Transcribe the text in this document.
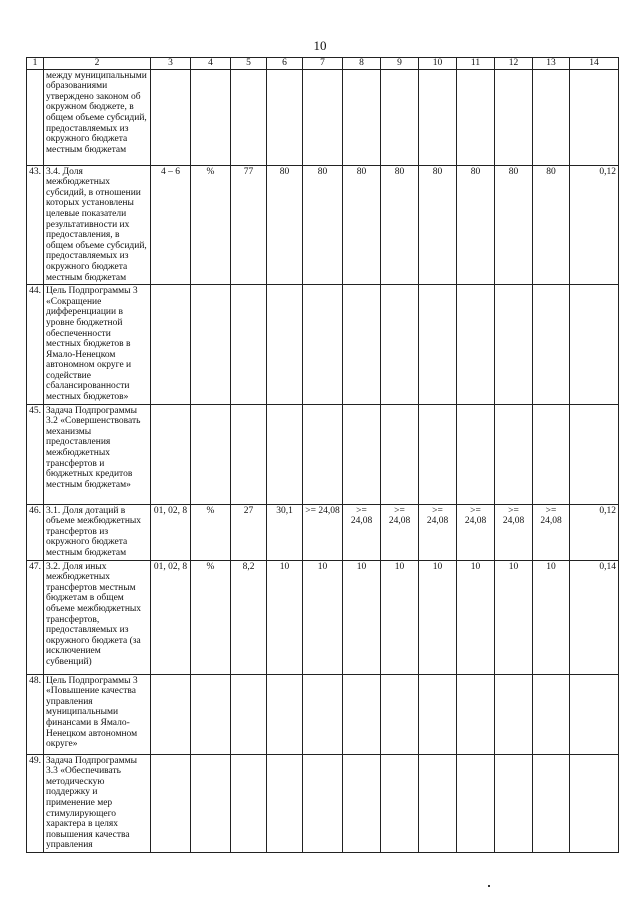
10
1	2	3	4	5	6	7	8	9	10	11	12	13	14
	между муниципальными образованиями утверждено законом об окружном бюджете, в общем объеме субсидий, предоставляемых из окружного бюджета местным бюджетам												
43.	3.4. Доля межбюджетных субсидий, в отношении которых установлены целевые показатели результативности их предоставления, в общем объеме субсидий, предоставляемых из окружного бюджета местным бюджетам	4 – 6	%	77	80	80	80	80	80	80	80	80	0,12
44.	Цель Подпрограммы 3 «Сокращение дифференциации в уровне бюджетной обеспеченности местных бюджетов в Ямало-Ненецком автономном округе и содействие сбалансированности местных бюджетов»												
45.	Задача Подпрограммы 3.2 «Совершенствовать механизмы предоставления межбюджетных трансфертов и бюджетных кредитов местным бюджетам»												
46.	3.1. Доля дотаций в объеме межбюджетных трансфертов из окружного бюджета местным бюджетам	01, 02, 8	%	27	30,1	>= 24,08	>= 24,08	>= 24,08	>= 24,08	>= 24,08	>= 24,08	>= 24,08	0,12
47.	3.2. Доля иных межбюджетных трансфертов местным бюджетам в общем объеме межбюджетных трансфертов, предоставляемых из окружного бюджета (за исключением субвенций)	01, 02, 8	%	8,2	10	10	10	10	10	10	10	10	0,14
48.	Цель Подпрограммы 3 «Повышение качества управления муниципальными финансами в Ямало-Ненецком автономном округе»												
49.	Задача Подпрограммы 3.3 «Обеспечивать методическую поддержку и применение мер стимулирующего характера в целях повышения качества управления												
